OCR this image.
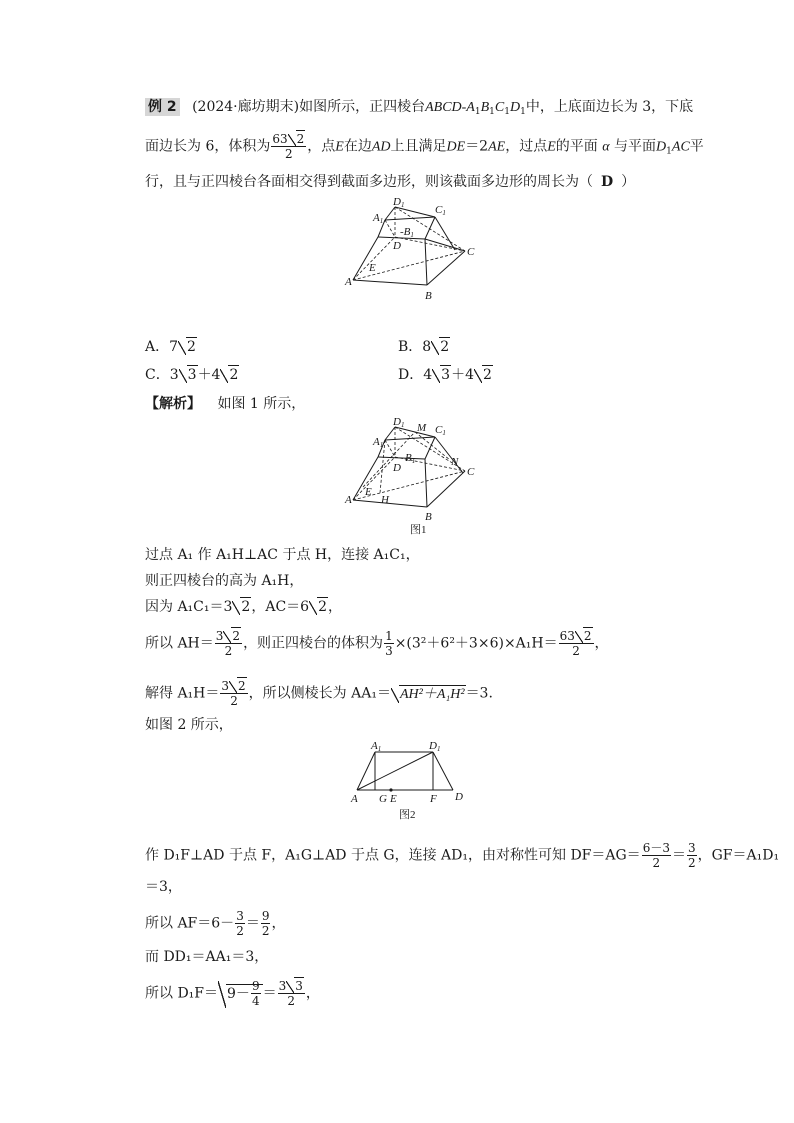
例 2 (2024·廊坊期末)如图所示，正四棱台ABCD-$A_1B_1C_1D_1$中，上底面边长为 3，下底
面边长为 6，体积为 $\frac{63 2}{2}$ ，点E在边AD上且满足DE＝2AE，过点E的平面 α 与平面$D_1AC$平
行，且与正四棱台各面相交得到截面多边形，则该截面多边形的周长为（ D ）
D1	C1
A1
-B1
D	C
E
A
B
A．7 2	B．8 2
C．3 3＋4 2	D．4 3＋4 2
【解析】 如图 1 所示，
D1 M C1
A1
B1
D	N
C
E
H
A
B
图1
过点 A₁ 作 A₁H⊥AC 于点 H，连接 A₁C₁，
则正四棱台的高为 A₁H，
因为 A₁C₁＝3 2，AC＝6 2，
所以 $AH= \frac{3 2}{2}$ ，则正四棱台的体积为 $\frac{1}{3} \times(3^2+6^2+3\times 6)\times A_1H= \frac{63 2}{2}$ ，
解得 $A_1H= \frac{3 2}{2}$ ，所以侧棱长为 AA₁＝ AH²＋A₁H²＝3.
如图 2 所示，
A1	D1
A G E	F D
图2
作 D₁F⊥AD 于点 F，A₁G⊥AD 于点 G，连接 AD₁，由对称性可知 $DF=AG= \frac{6-3}{2} = \frac{3}{2}$ ，GF＝A₁D₁
＝3，
所以 $AF=6- \frac{3}{2} = \frac{9}{2}$ ，
而 DD₁＝AA₁＝3，
所以 $D_1F= 9- \frac{9}{4} = \frac{3 3}{2}$ ，
